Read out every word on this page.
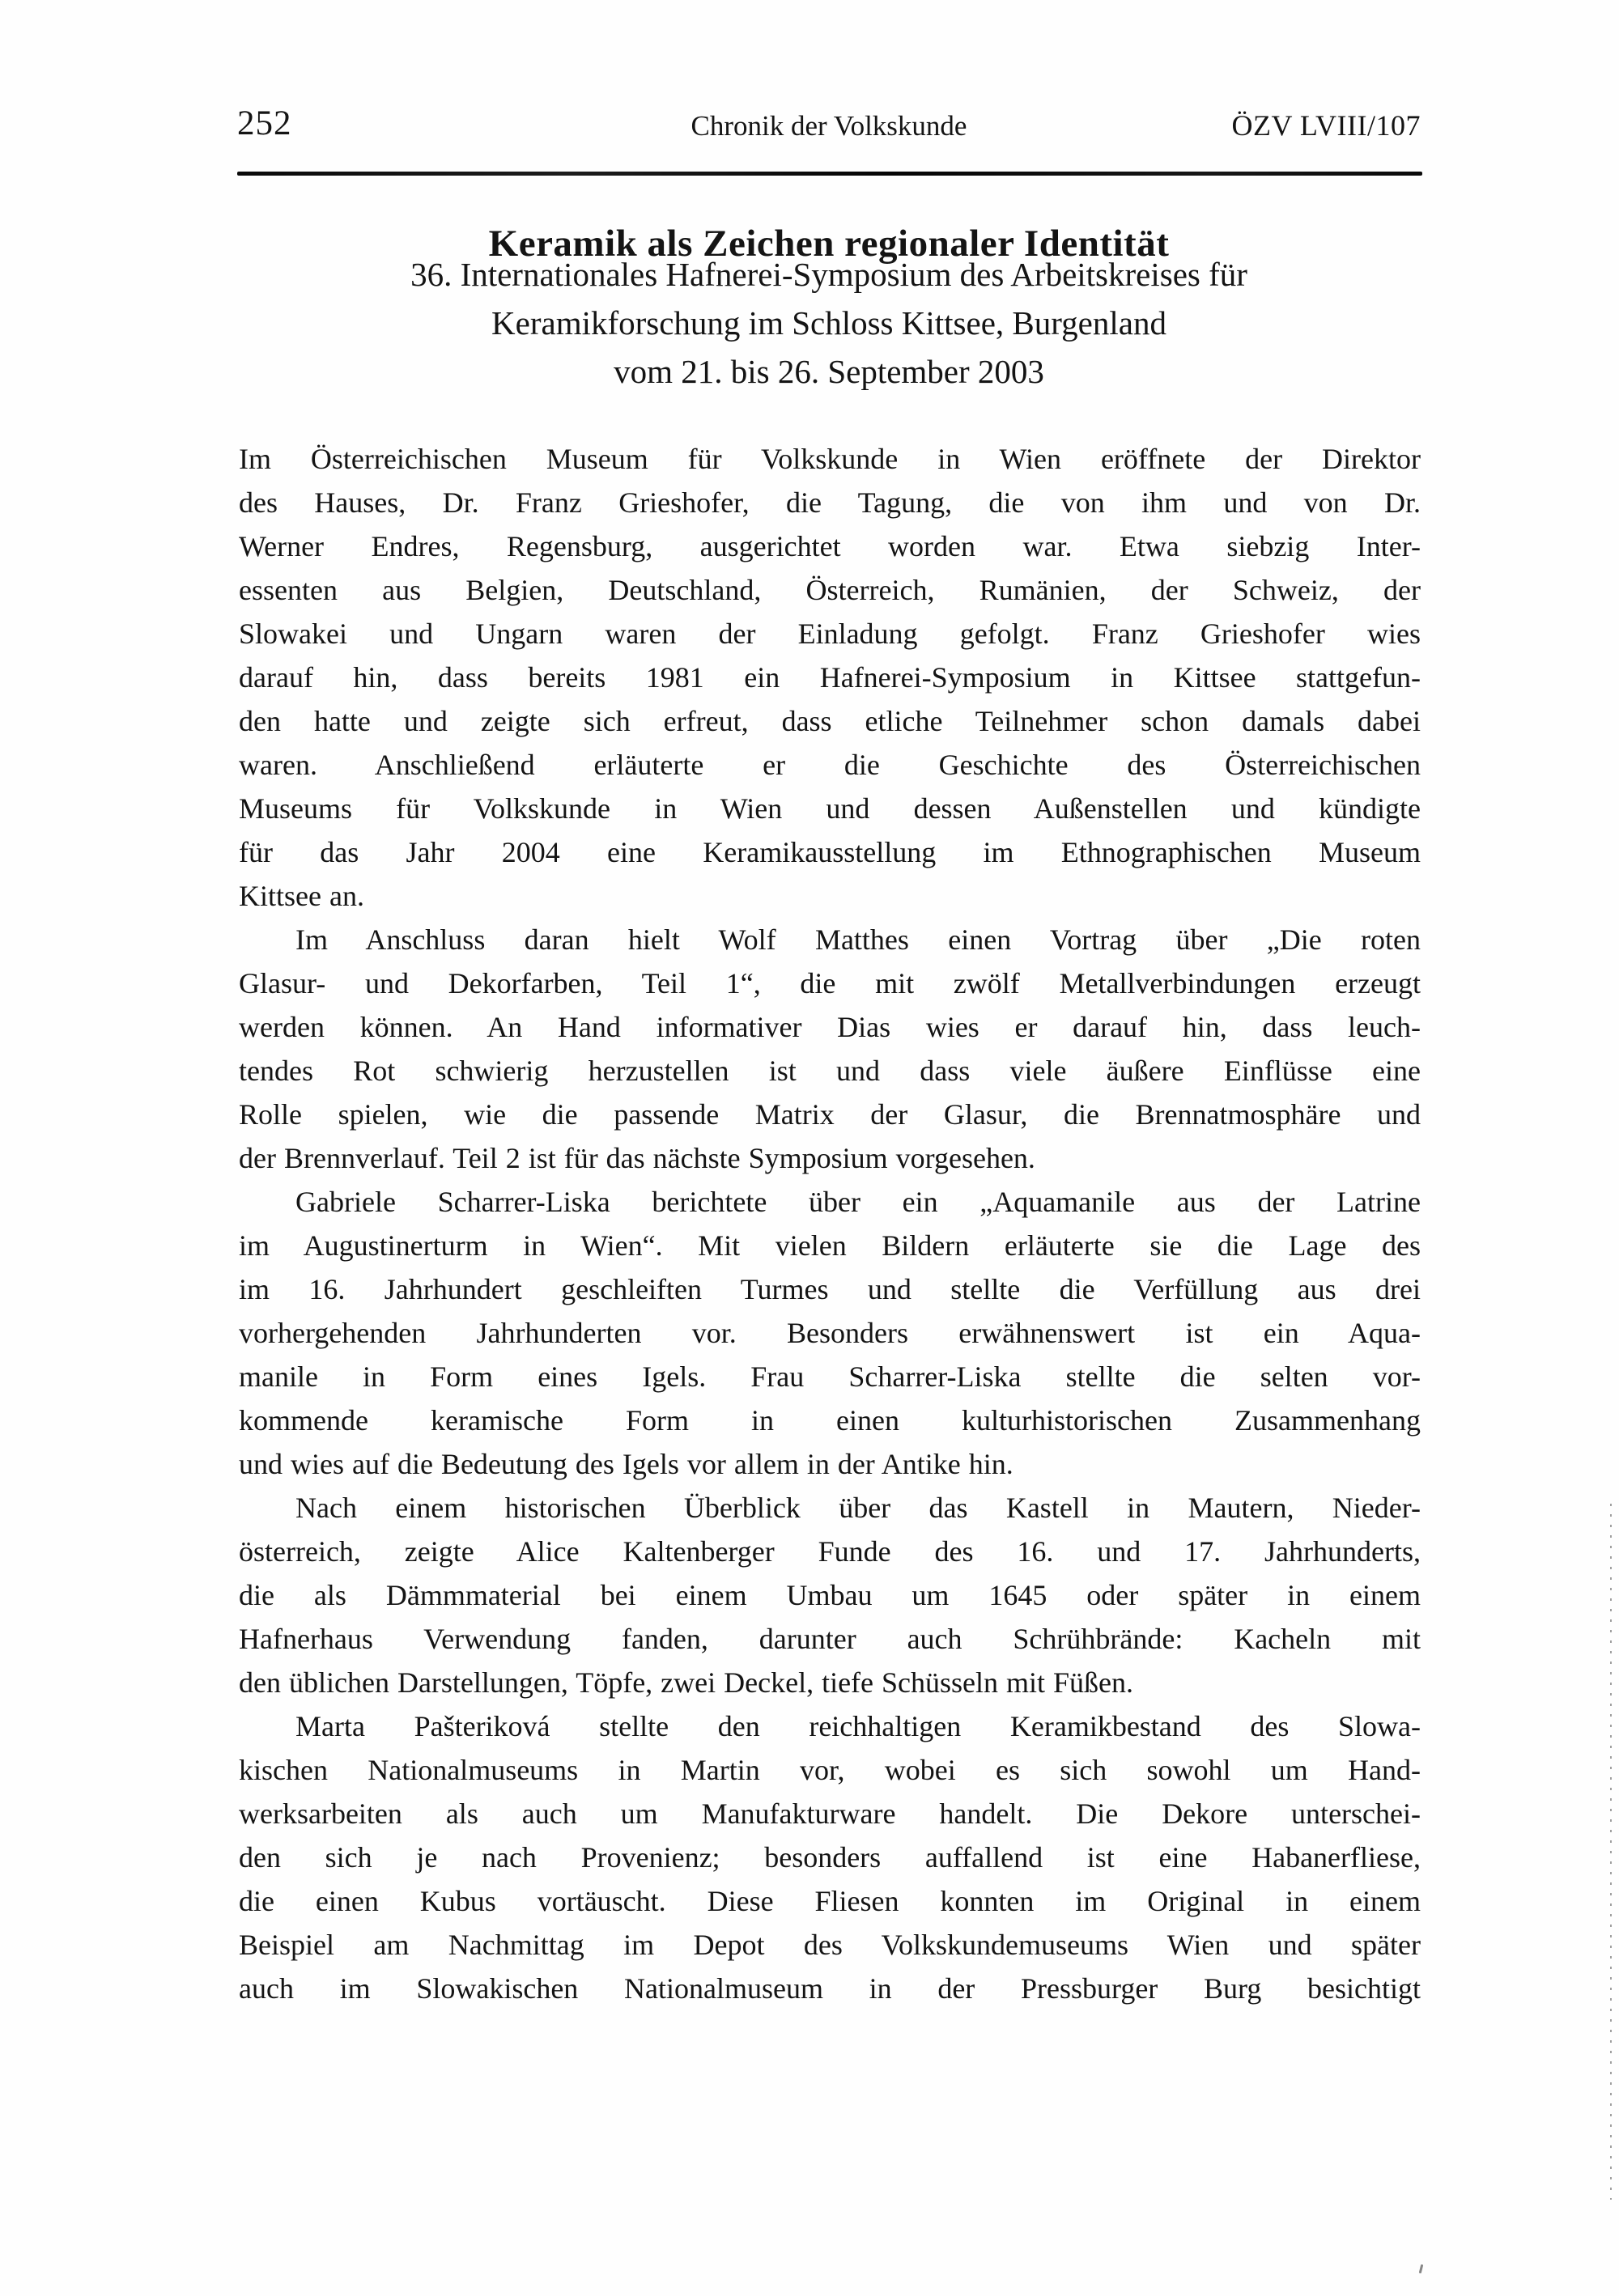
252	Chronik der Volkskunde	ÖZV LVIII/107
Keramik als Zeichen regionaler Identität
36. Internationales Hafnerei-Symposium des Arbeitskreises für
Keramikforschung im Schloss Kittsee, Burgenland
vom 21. bis 26. September 2003
Im Österreichischen Museum für Volkskunde in Wien eröffnete der Direktor
des Hauses, Dr. Franz Grieshofer, die Tagung, die von ihm und von Dr.
Werner Endres, Regensburg, ausgerichtet worden war. Etwa siebzig Inter-
essenten aus Belgien, Deutschland, Österreich, Rumänien, der Schweiz, der
Slowakei und Ungarn waren der Einladung gefolgt. Franz Grieshofer wies
darauf hin, dass bereits 1981 ein Hafnerei-Symposium in Kittsee stattgefun-
den hatte und zeigte sich erfreut, dass etliche Teilnehmer schon damals dabei
waren. Anschließend erläuterte er die Geschichte des Österreichischen
Museums für Volkskunde in Wien und dessen Außenstellen und kündigte
für das Jahr 2004 eine Keramikausstellung im Ethnographischen Museum
Kittsee an.
Im Anschluss daran hielt Wolf Matthes einen Vortrag über „Die roten
Glasur- und Dekorfarben, Teil 1“, die mit zwölf Metallverbindungen erzeugt
werden können. An Hand informativer Dias wies er darauf hin, dass leuch-
tendes Rot schwierig herzustellen ist und dass viele äußere Einflüsse eine
Rolle spielen, wie die passende Matrix der Glasur, die Brennatmosphäre und
der Brennverlauf. Teil 2 ist für das nächste Symposium vorgesehen.
Gabriele Scharrer-Liska berichtete über ein „Aquamanile aus der Latrine
im Augustinerturm in Wien“. Mit vielen Bildern erläuterte sie die Lage des
im 16. Jahrhundert geschleiften Turmes und stellte die Verfüllung aus drei
vorhergehenden Jahrhunderten vor. Besonders erwähnenswert ist ein Aqua-
manile in Form eines Igels. Frau Scharrer-Liska stellte die selten vor-
kommende keramische Form in einen kulturhistorischen Zusammenhang
und wies auf die Bedeutung des Igels vor allem in der Antike hin.
Nach einem historischen Überblick über das Kastell in Mautern, Nieder-
österreich, zeigte Alice Kaltenberger Funde des 16. und 17. Jahrhunderts,
die als Dämmmaterial bei einem Umbau um 1645 oder später in einem
Hafnerhaus Verwendung fanden, darunter auch Schrühbrände: Kacheln mit
den üblichen Darstellungen, Töpfe, zwei Deckel, tiefe Schüsseln mit Füßen.
Marta Pašteriková stellte den reichhaltigen Keramikbestand des Slowa-
kischen Nationalmuseums in Martin vor, wobei es sich sowohl um Hand-
werksarbeiten als auch um Manufakturware handelt. Die Dekore unterschei-
den sich je nach Provenienz; besonders auffallend ist eine Habanerfliese,
die einen Kubus vortäuscht. Diese Fliesen konnten im Original in einem
Beispiel am Nachmittag im Depot des Volkskundemuseums Wien und später
auch im Slowakischen Nationalmuseum in der Pressburger Burg besichtigt
